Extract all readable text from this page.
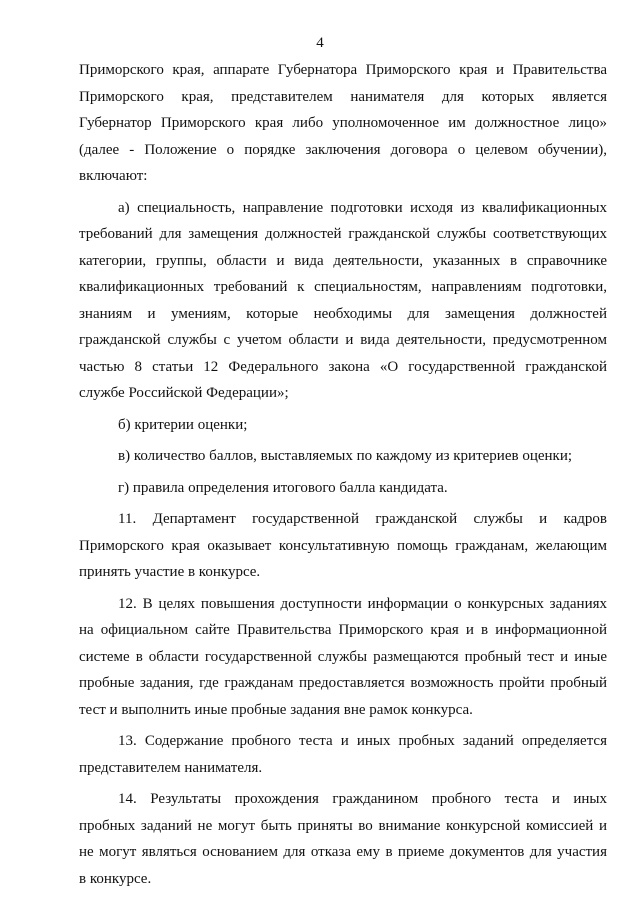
4

Приморского края, аппарате Губернатора Приморского края и Правительства

Приморского края, представителем нанимателя для которых является

Губернатор Приморского края либо уполномоченное им должностное лицо»

(далее - Положение о порядке заключения договора о целевом обучении),

включают:

а) специальность, направление подготовки исходя из квалификационных

требований для замещения должностей гражданской службы соответствующих

категории, группы, области и вида деятельности, указанных в справочнике

квалификационных требований к специальностям, направлениям подготовки,

знаниям и умениям, которые необходимы для замещения должностей

гражданской службы с учетом области и вида деятельности, предусмотренном

частью 8 статьи 12 Федерального закона «О государственной гражданской

службе Российской Федерации»;

б) критерии оценки;

в) количество баллов, выставляемых по каждому из критериев оценки;

г) правила определения итогового балла кандидата.

11. Департамент государственной гражданской службы и кадров

Приморского края оказывает консультативную помощь гражданам, желающим

принять участие в конкурсе.

12. В целях повышения доступности информации о конкурсных заданиях

на официальном сайте Правительства Приморского края и в информационной

системе в области государственной службы размещаются пробный тест и иные

пробные задания, где гражданам предоставляется возможность пройти пробный

тест и выполнить иные пробные задания вне рамок конкурса.

13. Содержание пробного теста и иных пробных заданий определяется

представителем нанимателя.

14. Результаты прохождения гражданином пробного теста и иных

пробных заданий не могут быть приняты во внимание конкурсной комиссией и

не могут являться основанием для отказа ему в приеме документов для участия

в конкурсе.
